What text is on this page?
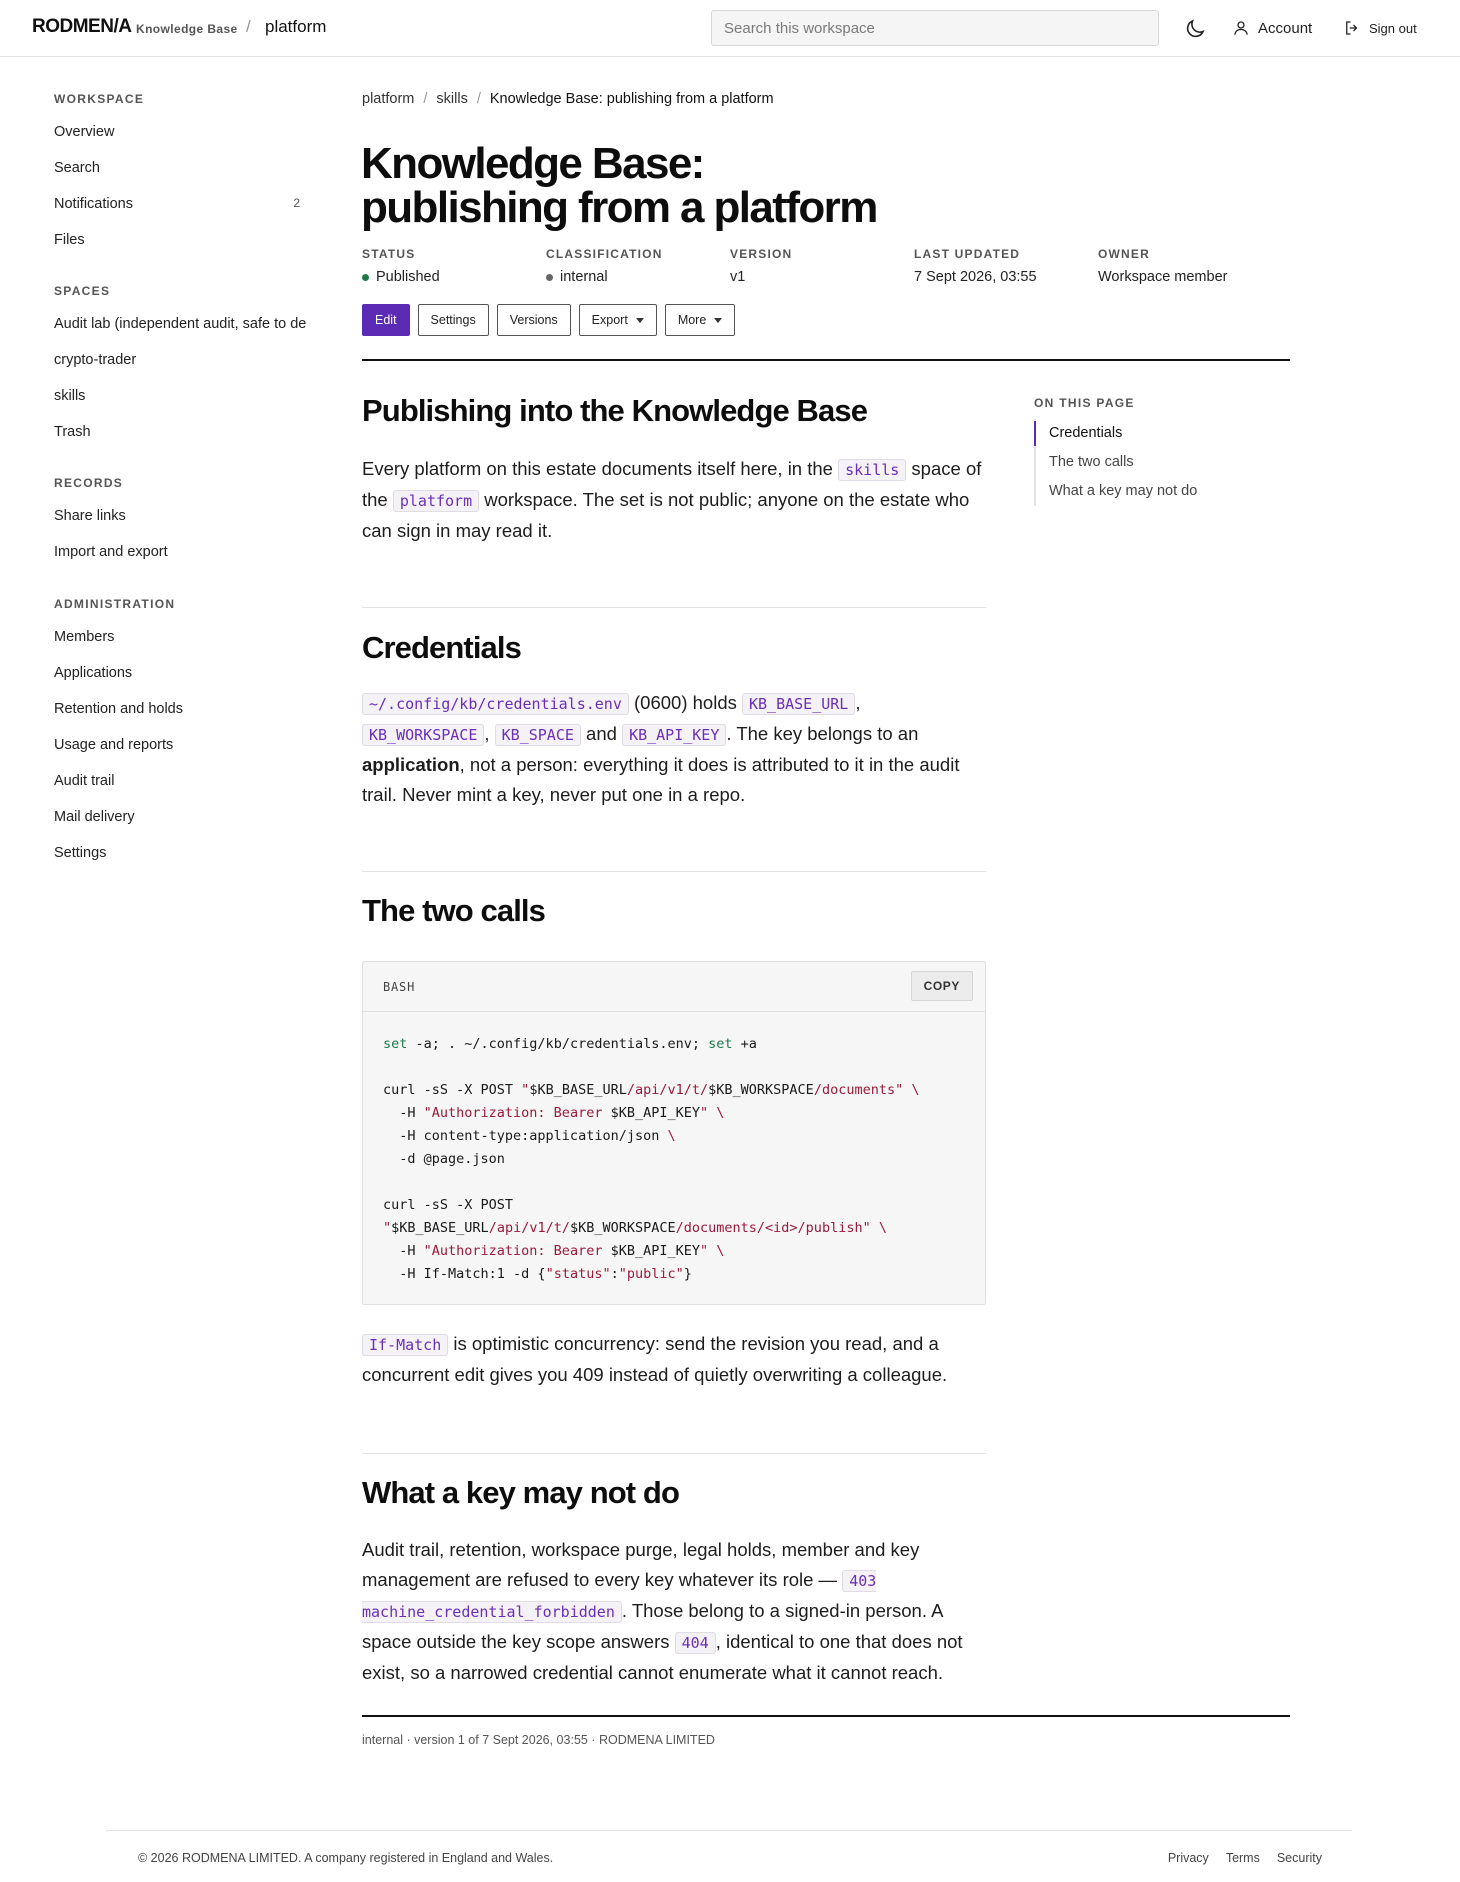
RODMEN/A Knowledge Base / platform
Search this workspace	Account	Sign out
WORKSPACE
Overview
Search
Notifications	2
Files
SPACES
Audit lab (independent audit, safe to de
crypto-trader
skills
Trash
RECORDS
Share links
Import and export
ADMINISTRATION
Members
Applications
Retention and holds
Usage and reports
Audit trail
Mail delivery
Settings
platform / skills / Knowledge Base: publishing from a platform
Knowledge Base:
publishing from a platform
STATUS
Published
CLASSIFICATION
internal
VERSION
v1
LAST UPDATED
7 Sept 2026, 03:55
OWNER
Workspace member
Edit	Settings	Versions	Export	More
Publishing into the Knowledge Base

Every platform on this estate documents itself here, in the skills space of the platform workspace. The set is not public; anyone on the estate who can sign in may read it.

Credentials

~/.config/kb/credentials.env (0600) holds KB_BASE_URL , KB_WORKSPACE , KB_SPACE and KB_API_KEY . The key belongs to an application, not a person: everything it does is attributed to it in the audit trail. Never mint a key, never put one in a repo.

The two calls
BASH	COPY
set -a; . ~/.config/kb/credentials.env; set +a

curl -sS -X POST "$KB_BASE_URL/api/v1/t/$KB_WORKSPACE/documents" \
-H "Authorization: Bearer $KB_API_KEY" \
-H content-type:application/json \
-d @page.json

curl -sS -X POST
"$KB_BASE_URL/api/v1/t/$KB_WORKSPACE/documents/<id>/publish" \
-H "Authorization: Bearer $KB_API_KEY" \
-H If-Match:1 -d {"status":"public"}

If-Match is optimistic concurrency: send the revision you read, and a concurrent edit gives you 409 instead of quietly overwriting a colleague.

What a key may not do

Audit trail, retention, workspace purge, legal holds, member and key management are refused to every key whatever its role — 403 machine_credential_forbidden . Those belong to a signed-in person. A space outside the key scope answers 404 , identical to one that does not exist, so a narrowed credential cannot enumerate what it cannot reach.

internal · version 1 of 7 Sept 2026, 03:55 · RODMENA LIMITED
ON THIS PAGE
Credentials
The two calls
What a key may not do
© 2026 RODMENA LIMITED. A company registered in England and Wales.	Privacy Terms Security
